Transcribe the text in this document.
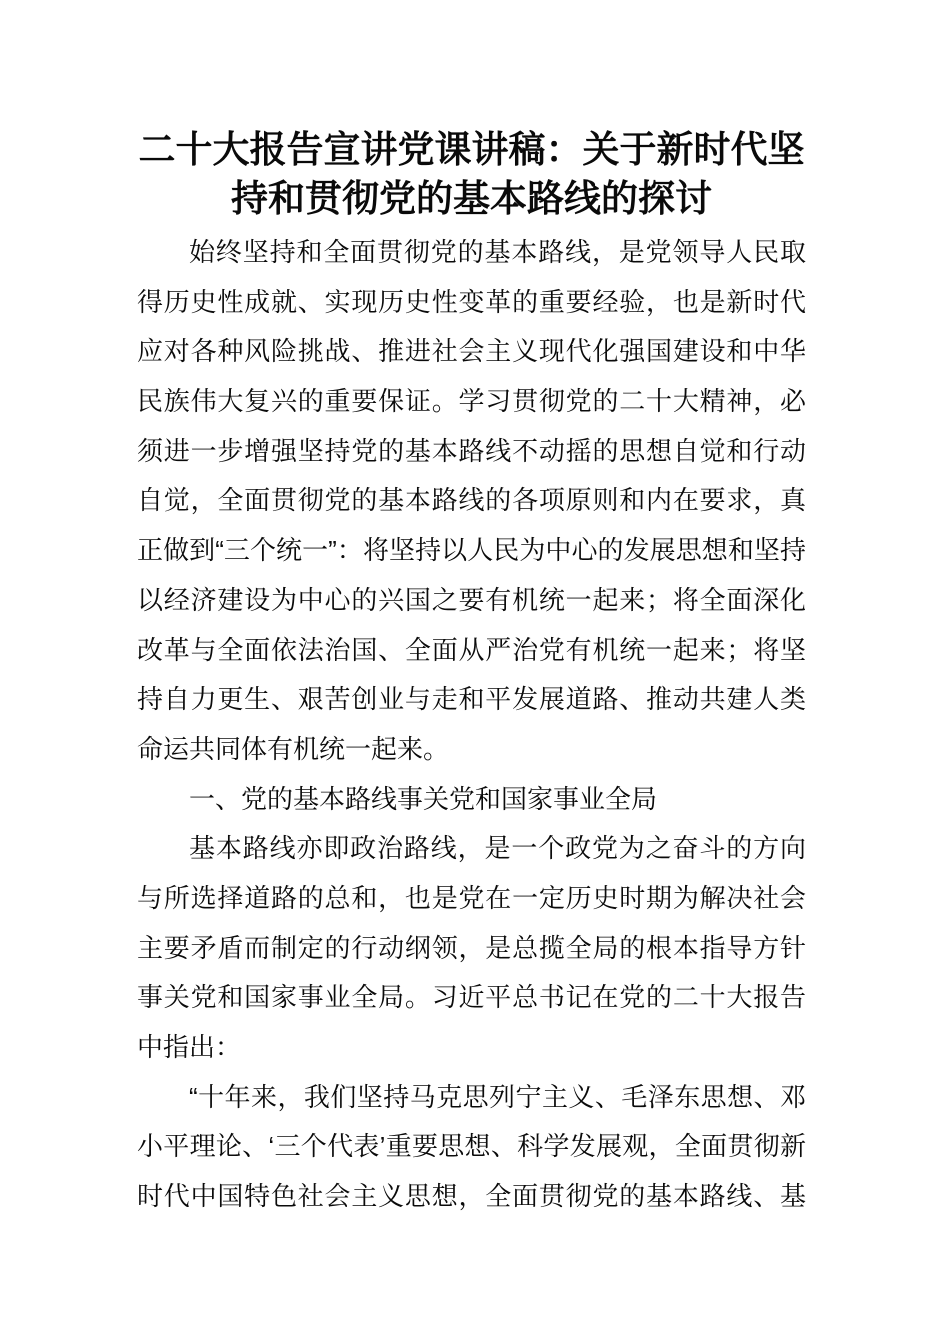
二十大报告宣讲党课讲稿：关于新时代坚
持和贯彻党的基本路线的探讨
始终坚持和全面贯彻党的基本路线，是党领导人民取
得历史性成就、实现历史性变革的重要经验，也是新时代
应对各种风险挑战、推进社会主义现代化强国建设和中华
民族伟大复兴的重要保证。学习贯彻党的二十大精神，必
须进一步增强坚持党的基本路线不动摇的思想自觉和行动
自觉，全面贯彻党的基本路线的各项原则和内在要求，真
正做到“三个统一”：将坚持以人民为中心的发展思想和坚持
以经济建设为中心的兴国之要有机统一起来；将全面深化
改革与全面依法治国、全面从严治党有机统一起来；将坚
持自力更生、艰苦创业与走和平发展道路、推动共建人类
命运共同体有机统一起来。
一、党的基本路线事关党和国家事业全局
基本路线亦即政治路线，是一个政党为之奋斗的方向
与所选择道路的总和，也是党在一定历史时期为解决社会
主要矛盾而制定的行动纲领，是总揽全局的根本指导方针
事关党和国家事业全局。习近平总书记在党的二十大报告
中指出：
“十年来，我们坚持马克思列宁主义、毛泽东思想、邓
小平理论、‘三个代表’重要思想、科学发展观，全面贯彻新
时代中国特色社会主义思想，全面贯彻党的基本路线、基
